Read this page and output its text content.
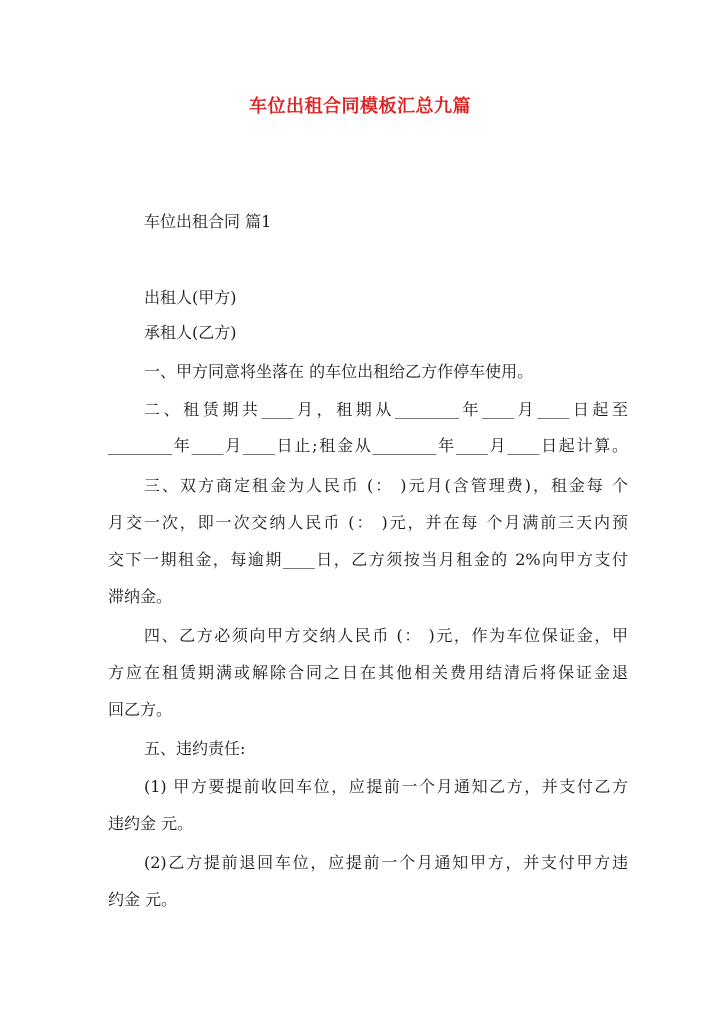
车位出租合同模板汇总九篇

车位出租合同 篇1

出租人(甲方)

承租人(乙方)

一、甲方同意将坐落在 的车位出租给乙方作停车使用。

二、租赁期共____月，租期从________年____月____日起至

________年____月____日止;租金从________年____月____日起计算。

三、双方商定租金为人民币 (： )元月(含管理费)，租金每 个

月交一次，即一次交纳人民币 (： )元，并在每 个月满前三天内预

交下一期租金，每逾期____日，乙方须按当月租金的 2%向甲方支付

滞纳金。

四、乙方必须向甲方交纳人民币 (： )元，作为车位保证金，甲

方应在租赁期满或解除合同之日在其他相关费用结清后将保证金退

回乙方。

五、违约责任:

(1) 甲方要提前收回车位，应提前一个月通知乙方，并支付乙方

违约金 元。

(2)乙方提前退回车位，应提前一个月通知甲方，并支付甲方违

约金 元。
